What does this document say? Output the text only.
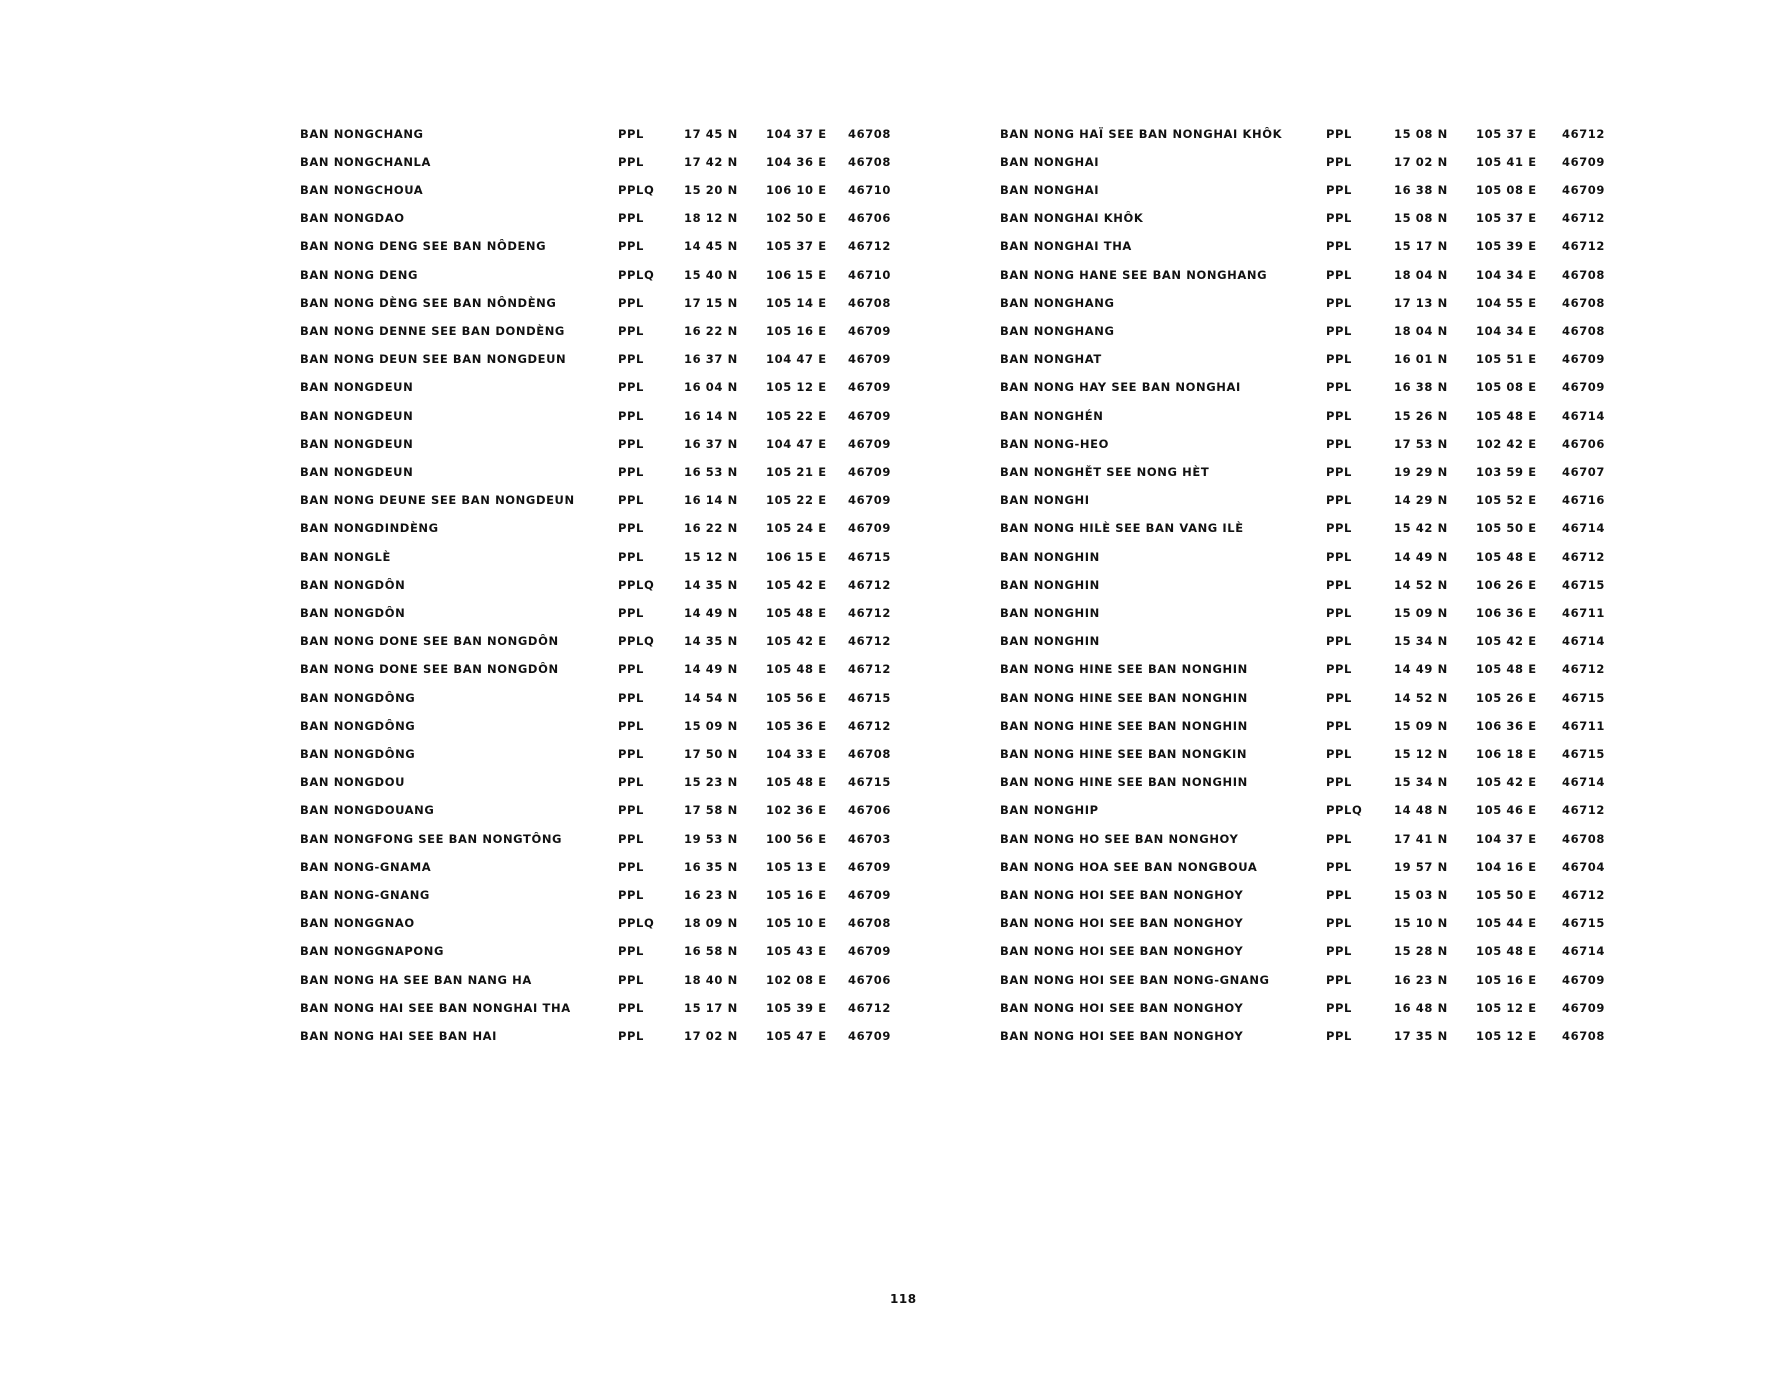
BAN NONGCHANG	PPL	17 45 N 104 37 E 46708
BAN NONGCHANLA	PPL	17 42 N 104 36 E 46708
BAN NONGCHOUA	PPLQ	15 20 N 106 10 E 46710
BAN NONGDAO	PPL	18 12 N 102 50 E 46706
BAN NONG DENG SEE BAN NÔDENG	PPL	14 45 N 105 37 E 46712
BAN NONG DENG	PPLQ	15 40 N 106 15 E 46710
BAN NONG DÈNG SEE BAN NÔNDÈNG	PPL	17 15 N 105 14 E 46708
BAN NONG DENNE SEE BAN DONDÈNG	PPL	16 22 N 105 16 E 46709
BAN NONG DEUN SEE BAN NONGDEUN	PPL	16 37 N 104 47 E 46709
BAN NONGDEUN	PPL	16 04 N 105 12 E 46709
BAN NONGDEUN	PPL	16 14 N 105 22 E 46709
BAN NONGDEUN	PPL	16 37 N 104 47 E 46709
BAN NONGDEUN	PPL	16 53 N 105 21 E 46709
BAN NONG DEUNE SEE BAN NONGDEUN	PPL	16 14 N 105 22 E 46709
BAN NONGDINDÈNG	PPL	16 22 N 105 24 E 46709
BAN NONGLÈ	PPL	15 12 N 106 15 E 46715
BAN NONGDÔN	PPLQ	14 35 N 105 42 E 46712
BAN NONGDÔN	PPL	14 49 N 105 48 E 46712
BAN NONG DONE SEE BAN NONGDÔN	PPLQ	14 35 N 105 42 E 46712
BAN NONG DONE SEE BAN NONGDÔN	PPL	14 49 N 105 48 E 46712
BAN NONGDÔNG	PPL	14 54 N 105 56 E 46715
BAN NONGDÔNG	PPL	15 09 N 105 36 E 46712
BAN NONGDÔNG	PPL	17 50 N 104 33 E 46708
BAN NONGDOU	PPL	15 23 N 105 48 E 46715
BAN NONGDOUANG	PPL	17 58 N 102 36 E 46706
BAN NONGFONG SEE BAN NONGTÔNG	PPL	19 53 N 100 56 E 46703
BAN NONG-GNAMA	PPL	16 35 N 105 13 E 46709
BAN NONG-GNANG	PPL	16 23 N 105 16 E 46709
BAN NONGGNAO	PPLQ	18 09 N 105 10 E 46708
BAN NONGGNAPONG	PPL	16 58 N 105 43 E 46709
BAN NONG HA SEE BAN NANG HA	PPL	18 40 N 102 08 E 46706
BAN NONG HAI SEE BAN NONGHAI THA	PPL	15 17 N 105 39 E 46712
BAN NONG HAI SEE BAN HAI	PPL	17 02 N 105 47 E 46709
BAN NONG HAÏ SEE BAN NONGHAI KHÔK	PPL	15 08 N 105 37 E 46712
BAN NONGHAI	PPL	17 02 N 105 41 E 46709
BAN NONGHAI	PPL	16 38 N 105 08 E 46709
BAN NONGHAI KHÔK	PPL	15 08 N 105 37 E 46712
BAN NONGHAI THA	PPL	15 17 N 105 39 E 46712
BAN NONG HANE SEE BAN NONGHANG	PPL	18 04 N 104 34 E 46708
BAN NONGHANG	PPL	17 13 N 104 55 E 46708
BAN NONGHANG	PPL	18 04 N 104 34 E 46708
BAN NONGHAT	PPL	16 01 N 105 51 E 46709
BAN NONG HAY SEE BAN NONGHAI	PPL	16 38 N 105 08 E 46709
BAN NONGHÉN	PPL	15 26 N 105 48 E 46714
BAN NONG-HEO	PPL	17 53 N 102 42 E 46706
BAN NONGHĚT SEE NONG HÈT	PPL	19 29 N 103 59 E 46707
BAN NONGHI	PPL	14 29 N 105 52 E 46716
BAN NONG HILÈ SEE BAN VANG ILÈ	PPL	15 42 N 105 50 E 46714
BAN NONGHIN	PPL	14 49 N 105 48 E 46712
BAN NONGHIN	PPL	14 52 N 106 26 E 46715
BAN NONGHIN	PPL	15 09 N 106 36 E 46711
BAN NONGHIN	PPL	15 34 N 105 42 E 46714
BAN NONG HINE SEE BAN NONGHIN	PPL	14 49 N 105 48 E 46712
BAN NONG HINE SEE BAN NONGHIN	PPL	14 52 N 105 26 E 46715
BAN NONG HINE SEE BAN NONGHIN	PPL	15 09 N 106 36 E 46711
BAN NONG HINE SEE BAN NONGKIN	PPL	15 12 N 106 18 E 46715
BAN NONG HINE SEE BAN NONGHIN	PPL	15 34 N 105 42 E 46714
BAN NONGHIP	PPLQ	14 48 N 105 46 E 46712
BAN NONG HO SEE BAN NONGHOY	PPL	17 41 N 104 37 E 46708
BAN NONG HOA SEE BAN NONGBOUA	PPL	19 57 N 104 16 E 46704
BAN NONG HOI SEE BAN NONGHOY	PPL	15 03 N 105 50 E 46712
BAN NONG HOI SEE BAN NONGHOY	PPL	15 10 N 105 44 E 46715
BAN NONG HOI SEE BAN NONGHOY	PPL	15 28 N 105 48 E 46714
BAN NONG HOI SEE BAN NONG-GNANG	PPL	16 23 N 105 16 E 46709
BAN NONG HOI SEE BAN NONGHOY	PPL	16 48 N 105 12 E 46709
BAN NONG HOI SEE BAN NONGHOY	PPL	17 35 N 105 12 E 46708
118
